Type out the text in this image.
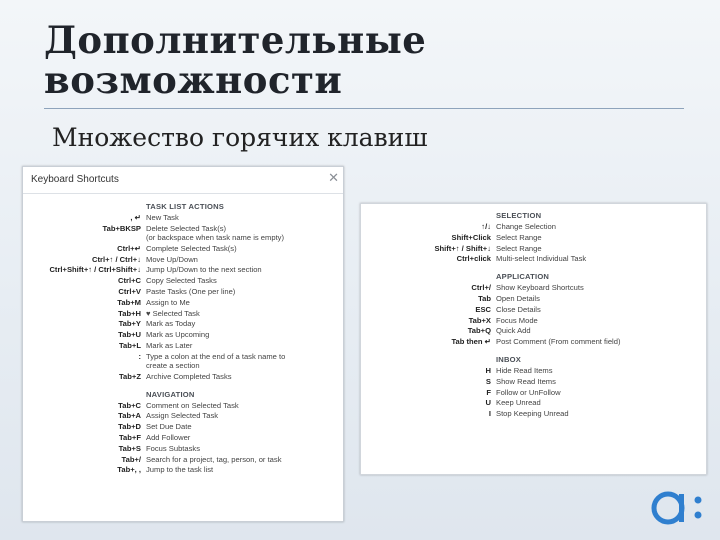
Дополнительные
возможности
Множество горячих клавиш
Keyboard Shortcuts	✕
TASK LIST ACTIONS
, ↵ New Task
Tab+BKSP Delete Selected Task(s)
(or backspace when task name is empty)
Ctrl+↵ Complete Selected Task(s)
Ctrl+↑ / Ctrl+↓ Move Up/Down
Ctrl+Shift+↑ / Ctrl+Shift+↓ Jump Up/Down to the next section
Ctrl+C Copy Selected Tasks
Ctrl+V Paste Tasks (One per line)
Tab+M Assign to Me
Tab+H ♥ Selected Task
Tab+Y Mark as Today
Tab+U Mark as Upcoming
Tab+L Mark as Later
: Type a colon at the end of a task name to
create a section
Tab+Z Archive Completed Tasks
NAVIGATION
Tab+C Comment on Selected Task
Tab+A Assign Selected Task
Tab+D Set Due Date
Tab+F Add Follower
Tab+S Focus Subtasks
Tab+/ Search for a project, tag, person, or task
Tab+, , Jump to the task list
SELECTION
↑/↓ Change Selection
Shift+Click Select Range
Shift+↑ / Shift+↓ Select Range
Ctrl+click Multi-select Individual Task
APPLICATION
Ctrl+/ Show Keyboard Shortcuts
Tab Open Details
ESC Close Details
Tab+X Focus Mode
Tab+Q Quick Add
Tab then ↵ Post Comment (From comment field)
INBOX
H Hide Read Items
S Show Read Items
F Follow or UnFollow
U Keep Unread
I Stop Keeping Unread
